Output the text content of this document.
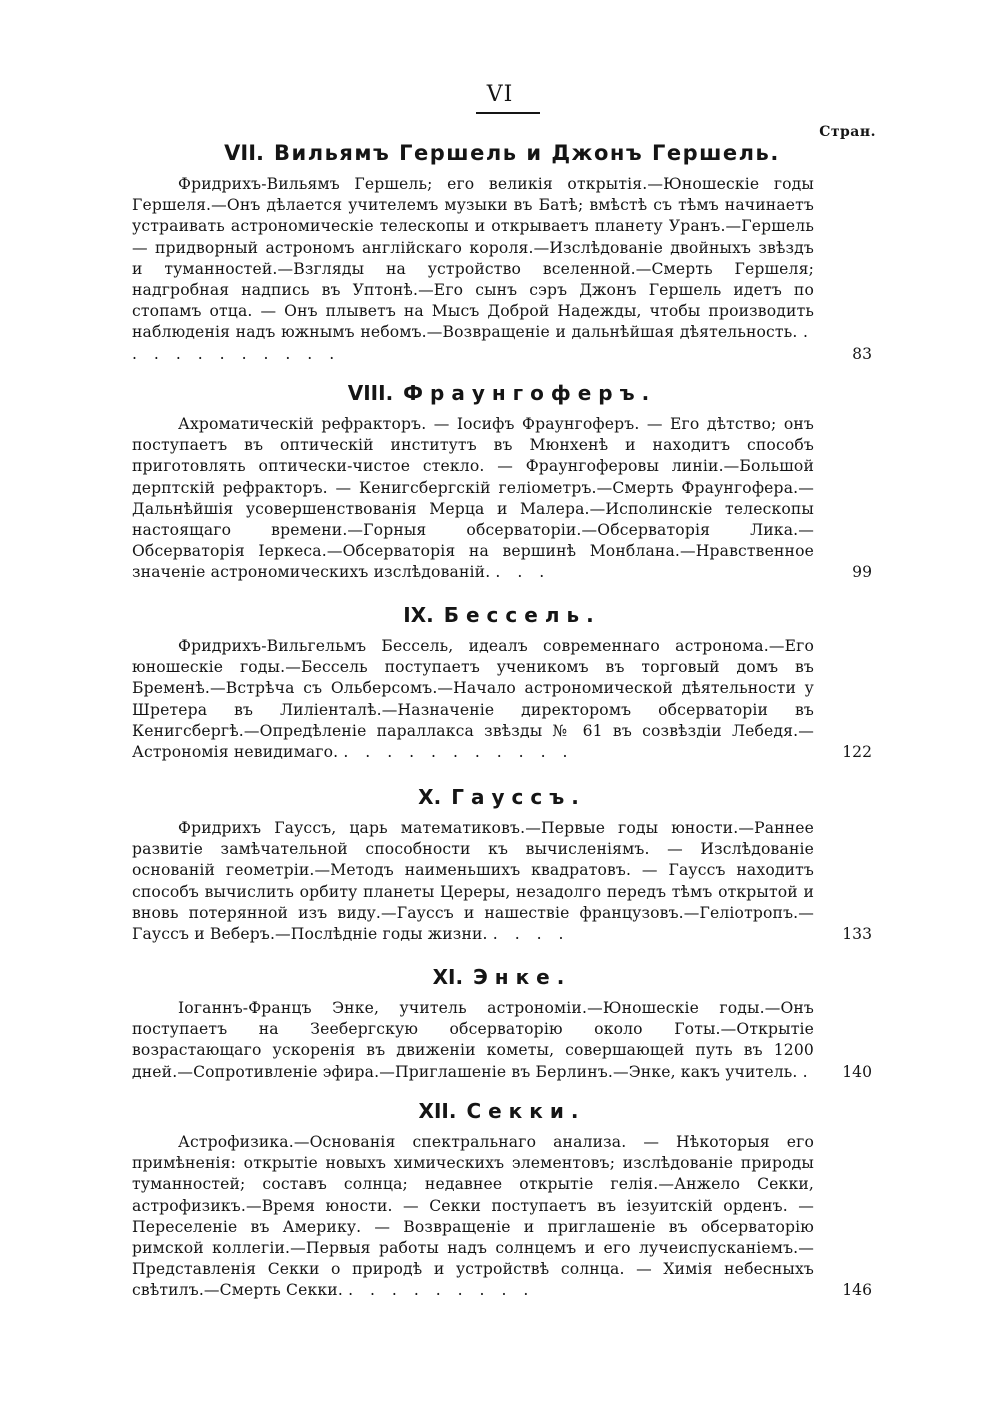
VI
Стран.
VII. Вильямъ Гершель и Джонъ Гершель.

Фридрихъ-Вильямъ Гершель; его великія открытія.—Юношескіе годы Гершеля.—Онъ дѣлается учителемъ музыки въ Батѣ; вмѣстѣ съ тѣмъ начинаетъ устраивать астрономическіе телескопы и открываетъ планету Уранъ.—Гершель — придворный астрономъ англійскаго короля.—Изслѣдованіе двойныхъ звѣздъ и туманностей.—Взгляды на устройство вселенной.—Смерть Гершеля; надгробная надпись въ Уптонѣ.—Его сынъ сэръ Джонъ Гершель идетъ по стопамъ отца. — Онъ плыветъ на Мысъ Доброй Надежды, чтобы производить наблюденія надъ южнымъ небомъ.—Возвращеніе и дальнѣйшая дѣятельность. . . . . . . . . . . .	83
VIII. Фраунгоферъ.

Ахроматическій рефракторъ. — Іосифъ Фраунгоферъ. — Его дѣтство; онъ поступаетъ въ оптическій институтъ въ Мюнхенѣ и находитъ способъ приготовлять оптически-чистое стекло. — Фраунгоферовы линіи.—Большой дерптскій рефракторъ. — Кенигсбергскій геліометръ.—Смерть Фраунгофера.—Дальнѣйшія усовершенствованія Мерца и Малера.—Исполинскіе телескопы настоящаго времени.—Горныя обсерваторіи.—Обсерваторія Лика.—Обсерваторія Іеркеса.—Обсерваторія на вершинѣ Монблана.—Нравственное значеніе астрономическихъ изслѣдованій. . . .	99
IX. Бессель.

Фридрихъ-Вильгельмъ Бессель, идеалъ современнаго астронома.—Его юношескіе годы.—Бессель поступаетъ ученикомъ въ торговый домъ въ Бременѣ.—Встрѣча съ Ольберсомъ.—Начало астрономической дѣятельности у Шретера въ Лиліенталѣ.—Назначеніе директоромъ обсерваторіи въ Кенигсбергѣ.—Опредѣленіе параллакса звѣзды № 61 въ созвѣздіи Лебедя.—Астрономія невидимаго. . . . . . . . . . . .	122
X. Гауссъ.

Фридрихъ Гауссъ, царь математиковъ.—Первые годы юности.—Раннее развитіе замѣчательной способности къ вычисленіямъ. — Изслѣдованіе основаній геометріи.—Методъ наименьшихъ квадратовъ. — Гауссъ находитъ способъ вычислить орбиту планеты Цереры, незадолго передъ тѣмъ открытой и вновь потерянной изъ виду.—Гауссъ и нашествіе французовъ.—Геліотропъ.—Гауссъ и Веберъ.—Послѣдніе годы жизни. . . . .	133
XI. Энке.

Іоганнъ-Францъ Энке, учитель астрономіи.—Юношескіе годы.—Онъ поступаетъ на Зеебергскую обсерваторію около Готы.—Открытіе возрастающаго ускоренія въ движеніи кометы, совершающей путь въ 1200 дней.—Сопротивленіе эфира.—Приглашеніе въ Берлинъ.—Энке, какъ учитель. .	140
XII. Секки.

Астрофизика.—Основанія спектральнаго анализа. — Нѣкоторыя его примѣненія: открытіе новыхъ химическихъ элементовъ; изслѣдованіе природы туманностей; составъ солнца; недавнее открытіе гелія.—Анжело Секки, астрофизикъ.—Время юности. — Секки поступаетъ въ іезуитскій орденъ. — Переселеніе въ Америку. — Возвращеніе и приглашеніе въ обсерваторію римской коллегіи.—Первыя работы надъ солнцемъ и его лучеиспусканіемъ.—Представленія Секки о природѣ и устройствѣ солнца. — Химія небесныхъ свѣтилъ.—Смерть Секки. . . . . . . . . .	146
